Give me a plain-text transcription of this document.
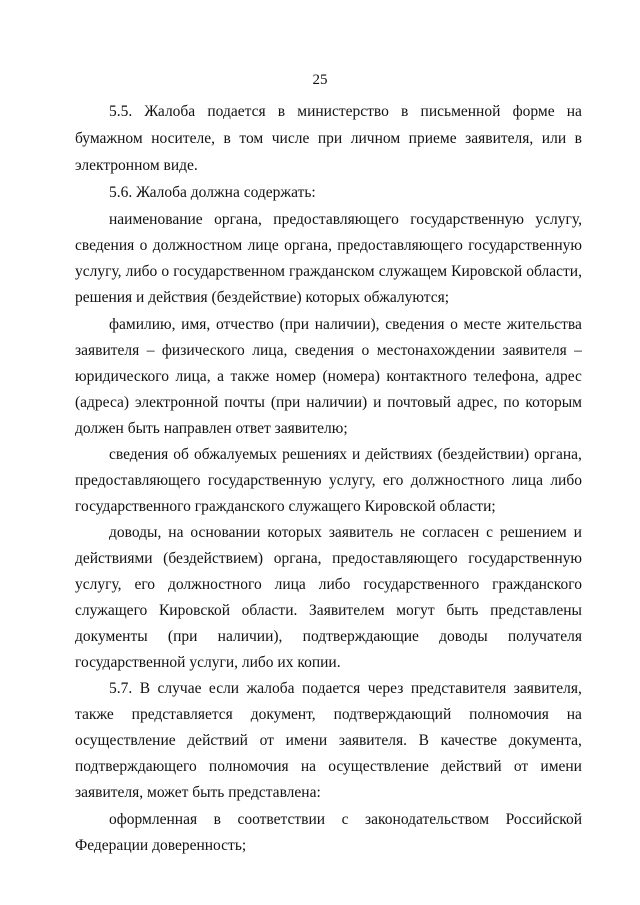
25
5.5. Жалоба подается в министерство в письменной форме на
бумажном носителе, в том числе при личном приеме заявителя, или в
электронном виде.
5.6. Жалоба должна содержать:
наименование органа, предоставляющего государственную услугу,
сведения о должностном лице органа, предоставляющего государственную
услугу, либо о государственном гражданском служащем Кировской области,
решения и действия (бездействие) которых обжалуются;
фамилию, имя, отчество (при наличии), сведения о месте жительства
заявителя – физического лица, сведения о местонахождении заявителя –
юридического лица, а также номер (номера) контактного телефона, адрес
(адреса) электронной почты (при наличии) и почтовый адрес, по которым
должен быть направлен ответ заявителю;
сведения об обжалуемых решениях и действиях (бездействии) органа,
предоставляющего государственную услугу, его должностного лица либо
государственного гражданского служащего Кировской области;
доводы, на основании которых заявитель не согласен с решением и
действиями (бездействием) органа, предоставляющего государственную
услугу, его должностного лица либо государственного гражданского
служащего Кировской области. Заявителем могут быть представлены
документы (при наличии), подтверждающие доводы получателя
государственной услуги, либо их копии.
5.7. В случае если жалоба подается через представителя заявителя,
также представляется документ, подтверждающий полномочия на
осуществление действий от имени заявителя. В качестве документа,
подтверждающего полномочия на осуществление действий от имени
заявителя, может быть представлена:
оформленная в соответствии с законодательством Российской
Федерации доверенность;
